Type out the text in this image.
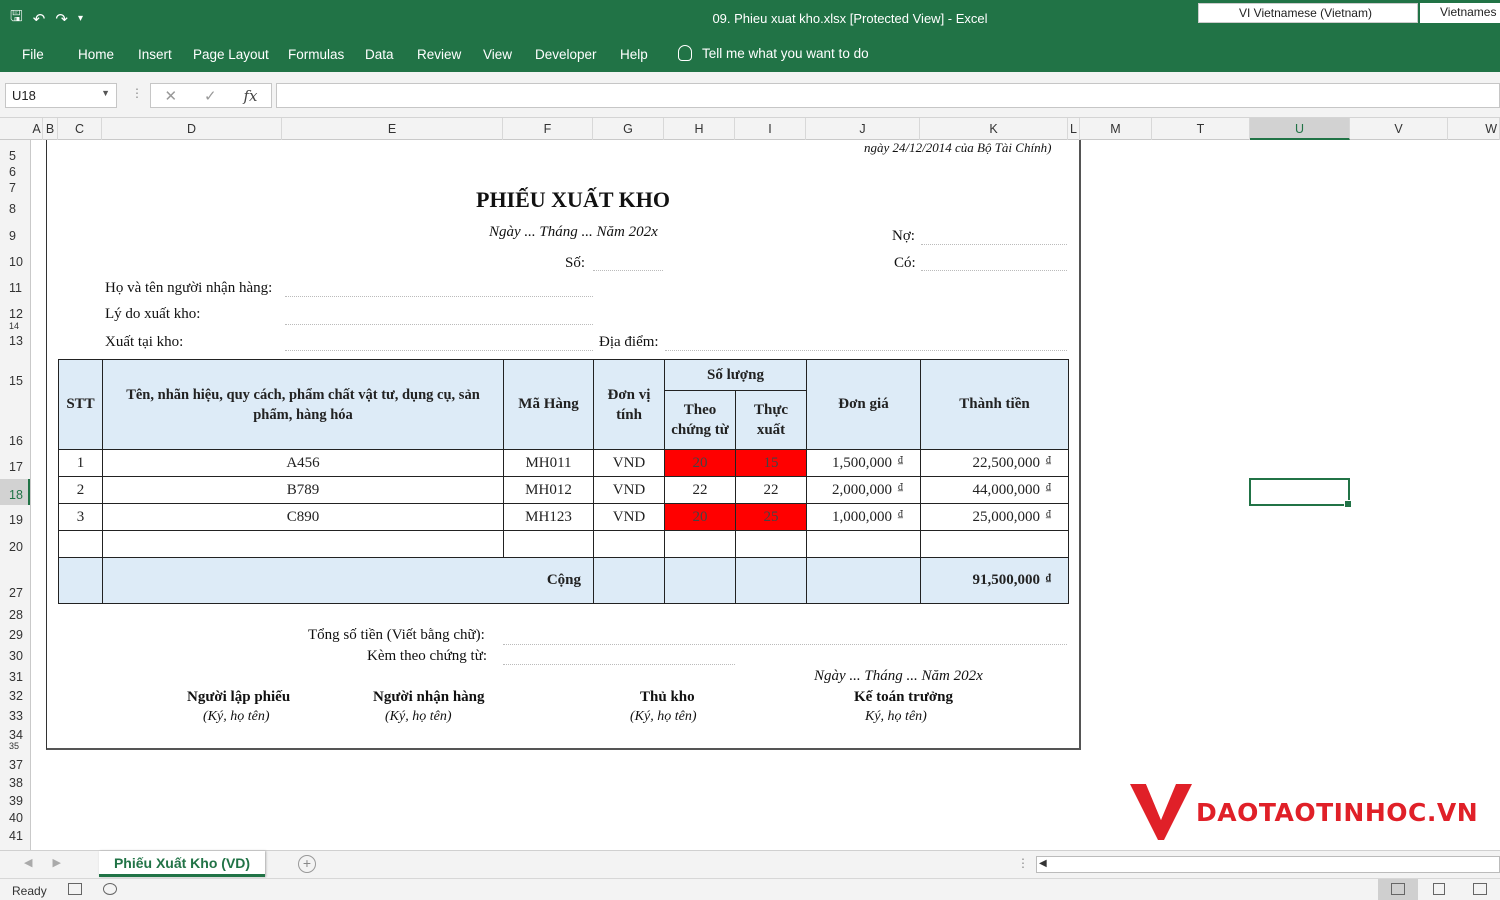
🖫 ↶ ↷ ▾	09. Phieu xuat kho.xlsx [Protected View] - Excel	VI Vietnamese (Vietnam)	Vietnames
File	Home Insert Page Layout Formulas Data Review View Developer Help	Tell me what you want to do
U18	▼ ⋮ ✕ ✓ fx
A B	C	D	E	F	G	H	I	J	K	L	M	T	U	V	W
5
6
7
8
9
10
11
12
14
13
15
16
17
18
19
20
27
28
29
30
31
32
33
34
35
37
38
39
40
41
ngày 24/12/2014 của Bộ Tài Chính)
PHIẾU XUẤT KHO
Ngày ... Tháng ... Năm 202x	Nợ:
Số:	Có:
Họ và tên người nhận hàng:
Lý do xuất kho:
Xuất tại kho:	Địa điểm:
STT	Tên, nhãn hiệu, quy cách, phẩm chất vật tư, dụng cụ, sản phẩm, hàng hóa	Mã Hàng	Đơn vị tính	Số lượng		Đơn giá	Thành tiền
				Theo chứng từ	Thực xuất		
1	A456	MH011	VND	20	15	1,500,000 ₫	22,500,000 ₫

2	B789	MH012	VND	22	22	2,000,000 ₫	44,000,000 ₫

3	C890	MH123	VND	20	25	1,000,000 ₫	25,000,000 ₫

	Cộng						91,500,000 ₫
Tổng số tiền (Viết bằng chữ):
Kèm theo chứng từ:
Ngày ... Tháng ... Năm 202x
Người lập phiếu
(Ký, họ tên)
Người nhận hàng
(Ký, họ tên)
Thủ kho
(Ký, họ tên)
Kế toán trưởng
Ký, họ tên)
DAOTAOTINHOC.VN
◀ ▶	Phiếu Xuất Kho (VD)	+	⋮ ◀
Ready
